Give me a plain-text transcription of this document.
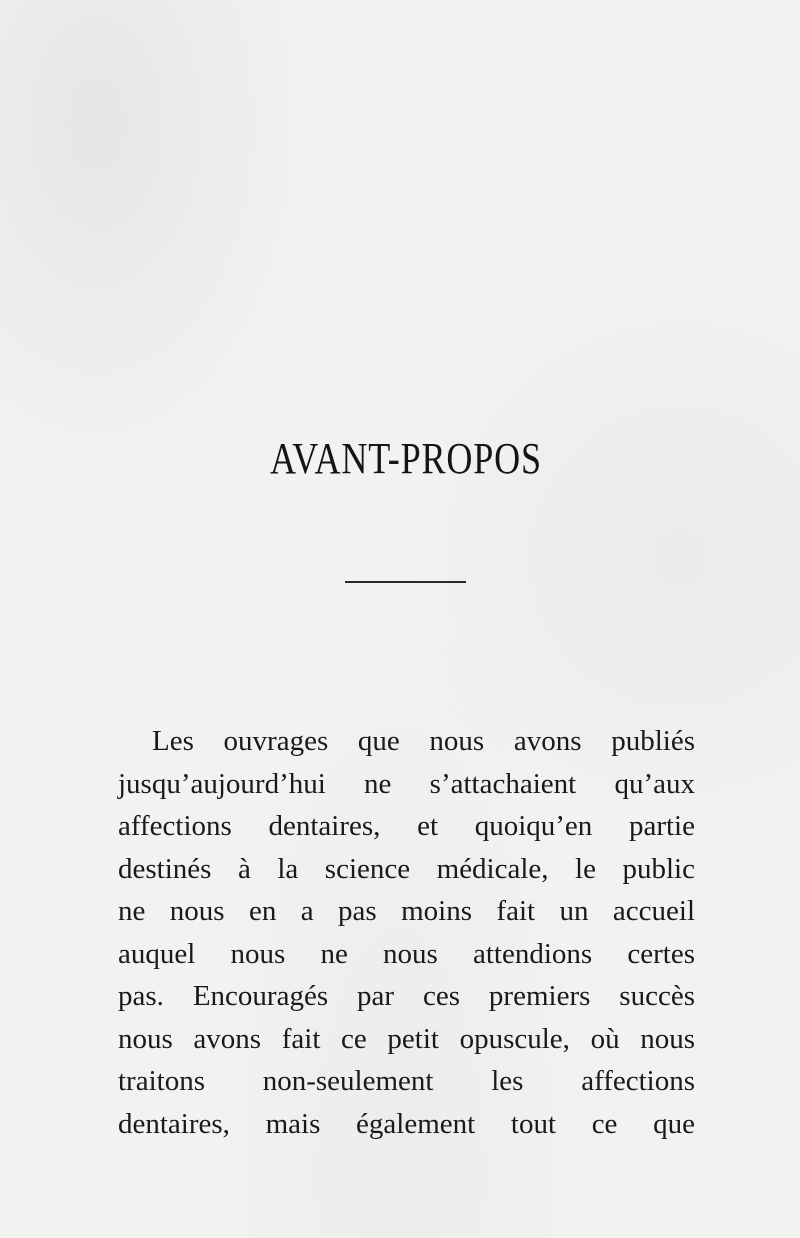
AVANT-PROPOS
Les ouvrages que nous avons publiés
jusqu’aujourd’hui ne s’attachaient qu’aux
affections dentaires, et quoiqu’en partie
destinés à la science médicale, le public
ne nous en a pas moins fait un accueil
auquel nous ne nous attendions certes
pas. Encouragés par ces premiers succès
nous avons fait ce petit opuscule, où nous
traitons non-seulement les affections
dentaires, mais également tout ce que
